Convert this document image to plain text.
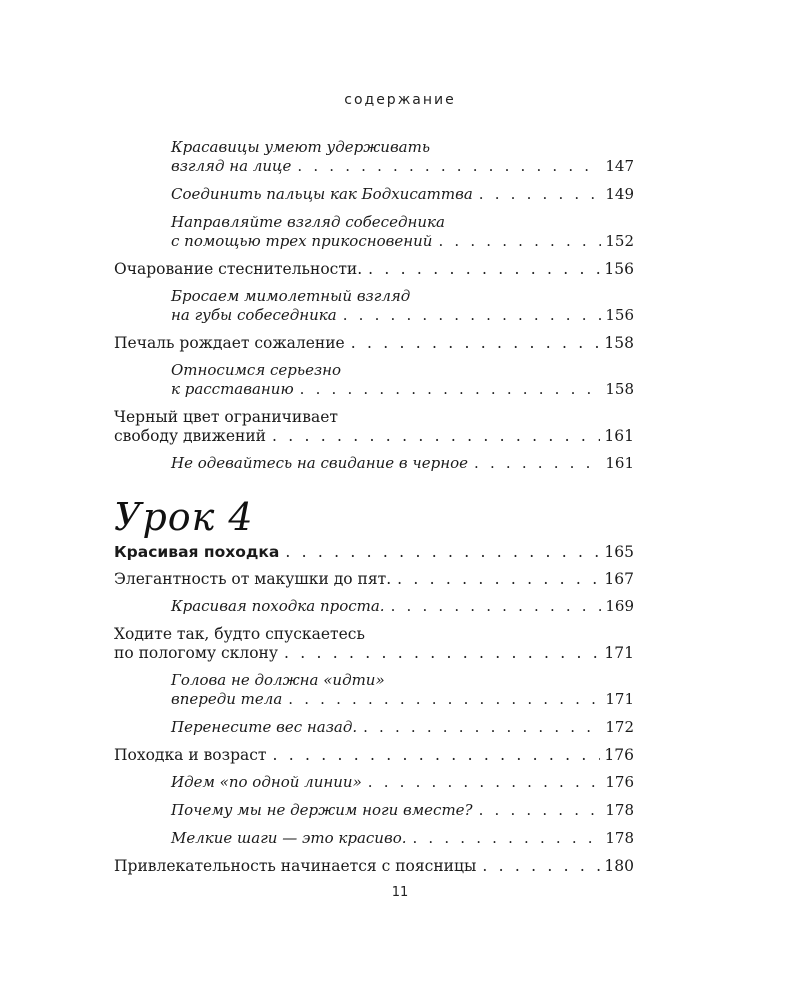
содержание
Красавицы умеют удерживать
взгляд на лице . . .	147
Соединить пальцы как Бодхисаттва . . .	149
Направляйте взгляд собеседника
с помощью трех прикосновений . . .	152
Очарование стеснительности. . . .	156
Бросаем мимолетный взгляд
на губы собеседника . . .	156
Печаль рождает сожаление . . .	158
Относимся серьезно
к расставанию . . .	158
Черный цвет ограничивает
свободу движений . . .	161
Не одевайтесь на свидание в черное . . .	161
Урок 4
Красивая походка . . .	165
Элегантность от макушки до пят. . . .	167
Красивая походка проста. . . .	169
Ходите так, будто спускаетесь
по пологому склону . . .	171
Голова не должна «идти»
впереди тела . . .	171
Перенесите вес назад. . . .	172
Походка и возраст . . .	176
Идем «по одной линии» . . .	176
Почему мы не держим ноги вместе? . . .	178
Мелкие шаги — это красиво. . . .	178
Привлекательность начинается с поясницы . . .	180
11
